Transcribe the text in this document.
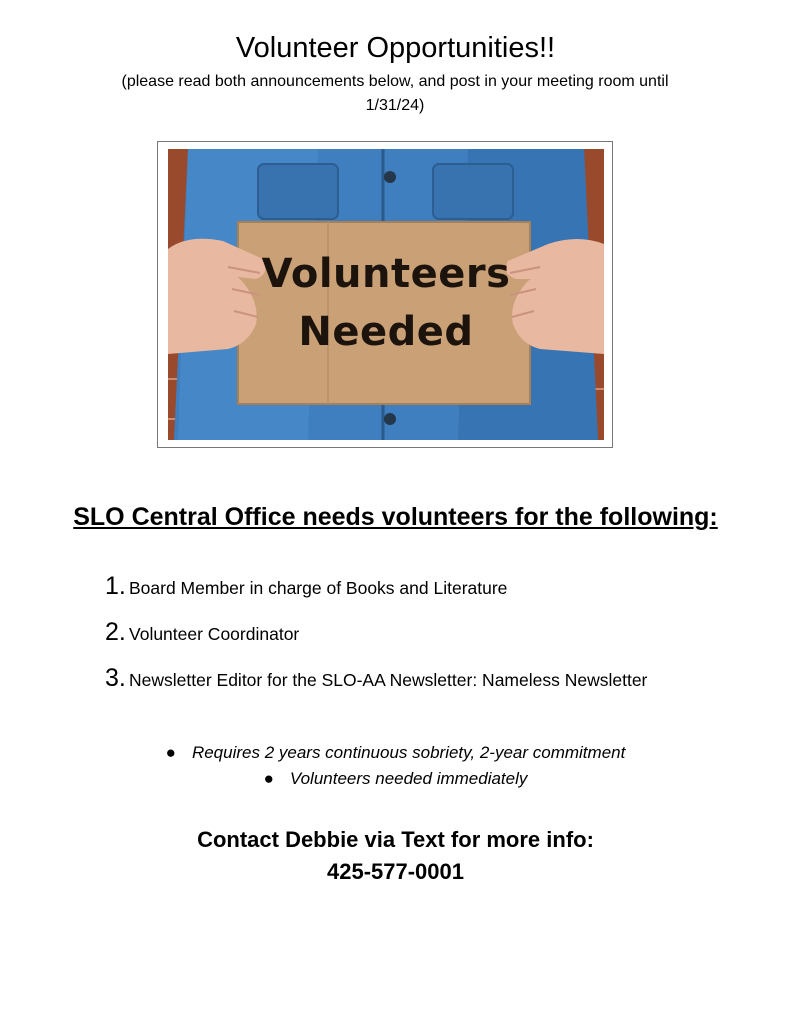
Volunteer Opportunities!!
(please read both announcements below, and post in your meeting room until 1/31/24)
Volunteers
Needed
SLO Central Office needs volunteers for the following:
1. Board Member in charge of Books and Literature
2. Volunteer Coordinator
3. Newsletter Editor for the SLO-AA Newsletter: Nameless Newsletter
● Requires 2 years continuous sobriety, 2-year commitment
● Volunteers needed immediately
Contact Debbie via Text for more info:
425-577-0001
